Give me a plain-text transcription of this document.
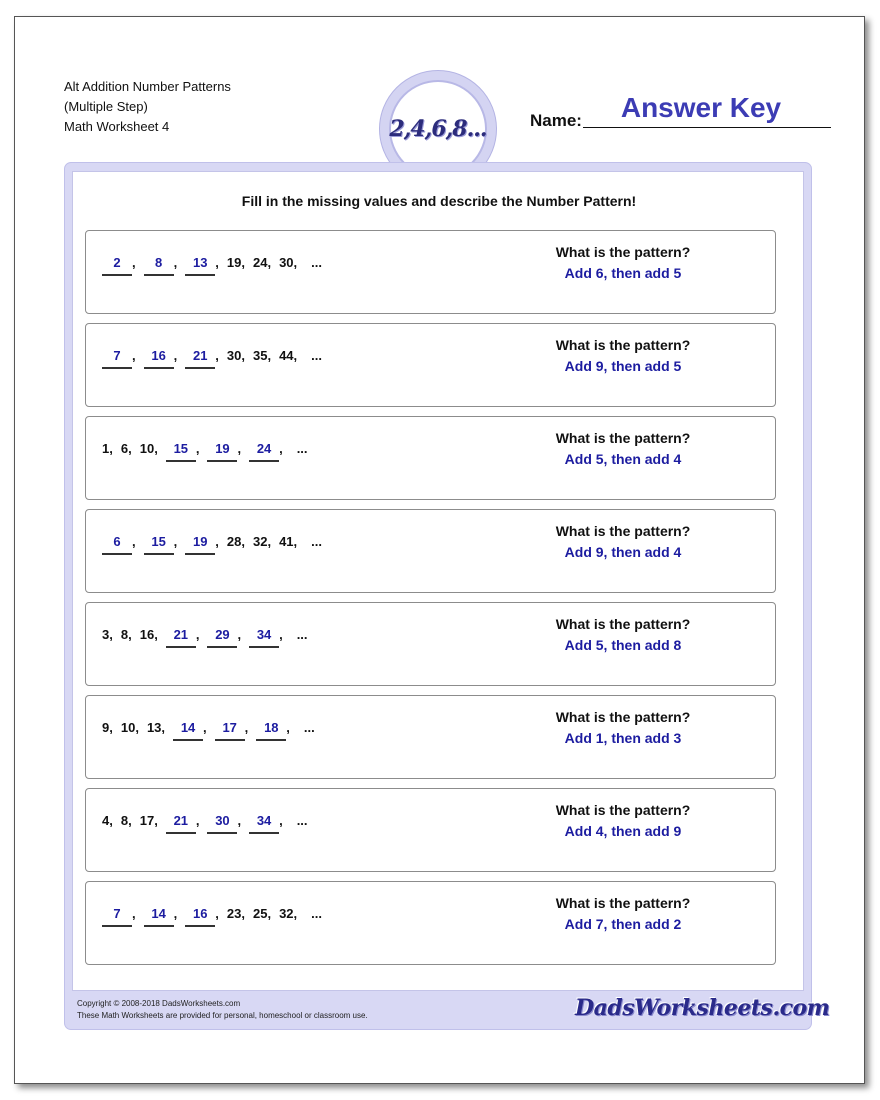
Alt Addition Number Patterns
(Multiple Step)
Math Worksheet 4	2,4,6,8...	Name:	Answer Key
Fill in the missing values and describe the Number Pattern!
2 ,	8 ,	13 , 19 , 24 , 30 , ...
What is the pattern?
Add 6, then add 5
7 ,	16 ,	21 , 30 , 35 , 44 , ...
What is the pattern?
Add 9, then add 5
1 , 6 , 10 ,	15 ,	19 ,	24 , ...
What is the pattern?
Add 5, then add 4
6 ,	15 ,	19 , 28 , 32 , 41 , ...
What is the pattern?
Add 9, then add 4
3 , 8 , 16 ,	21 ,	29 ,	34 , ...
What is the pattern?
Add 5, then add 8
9 , 10 , 13 ,	14 ,	17 ,	18 , ...
What is the pattern?
Add 1, then add 3
4 , 8 , 17 ,	21 ,	30 ,	34 , ...
What is the pattern?
Add 4, then add 9
7 ,	14 ,	16 , 23 , 25 , 32 , ...
What is the pattern?
Add 7, then add 2
Copyright © 2008-2018 DadsWorksheets.com
These Math Worksheets are provided for personal, homeschool or classroom use.	DadsWorksheets.com
